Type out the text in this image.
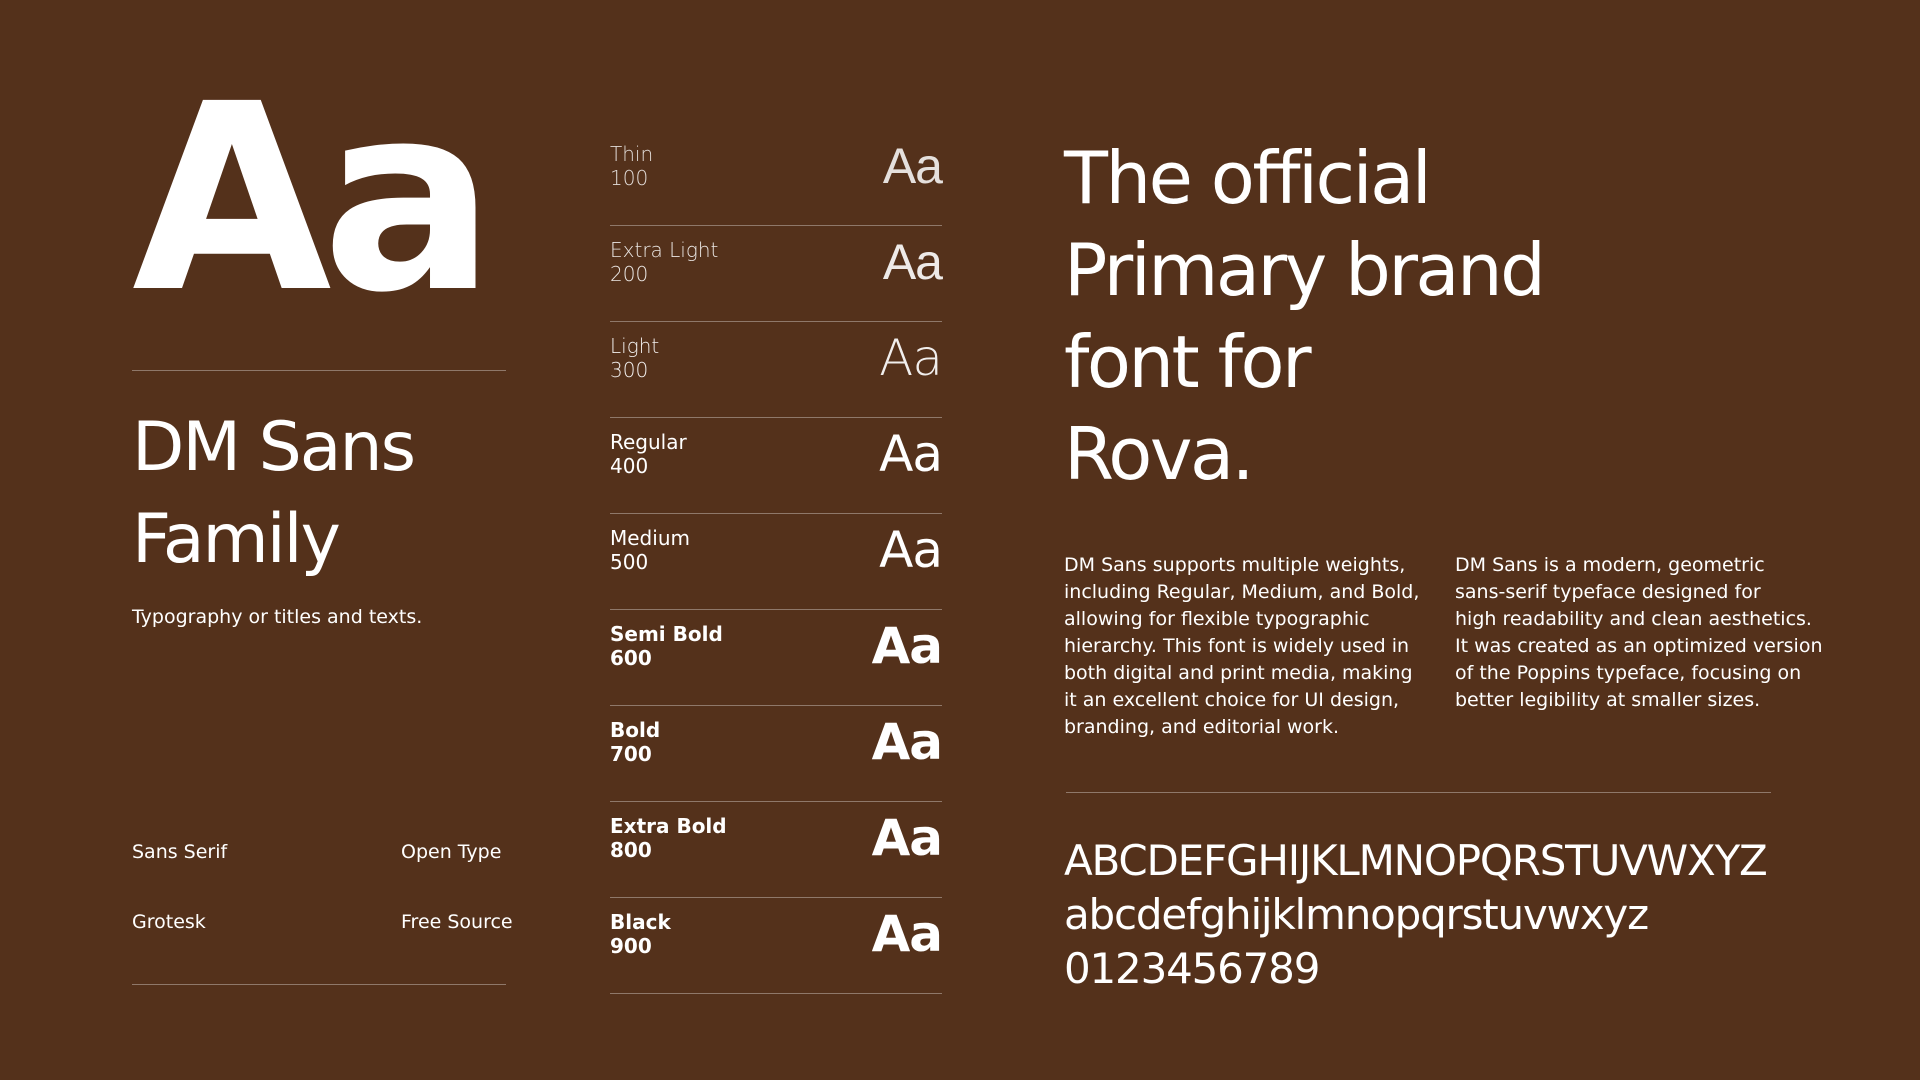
Aa
DM Sans
Family

Typography or titles and texts.

Sans Serif	Open Type
Grotesk	Free Source
Thin
100	Aa
Extra Light
200	Aa
Light
300	Aa
Regular
400	Aa
Medium
500	Aa
Semi Bold
600	Aa
Bold
700	Aa
Extra Bold
800	Aa
Black
900	Aa
The official
Primary brand
font for
Rova.

DM Sans supports multiple weights,
including Regular, Medium, and Bold,
allowing for flexible typographic
hierarchy. This font is widely used in
both digital and print media, making
it an excellent choice for UI design,
branding, and editorial work.

DM Sans is a modern, geometric
sans-serif typeface designed for
high readability and clean aesthetics.
It was created as an optimized version
of the Poppins typeface, focusing on
better legibility at smaller sizes.

ABCDEFGHIJKLMNOPQRSTUVWXYZ
abcdefghijklmnopqrstuvwxyz
0123456789
